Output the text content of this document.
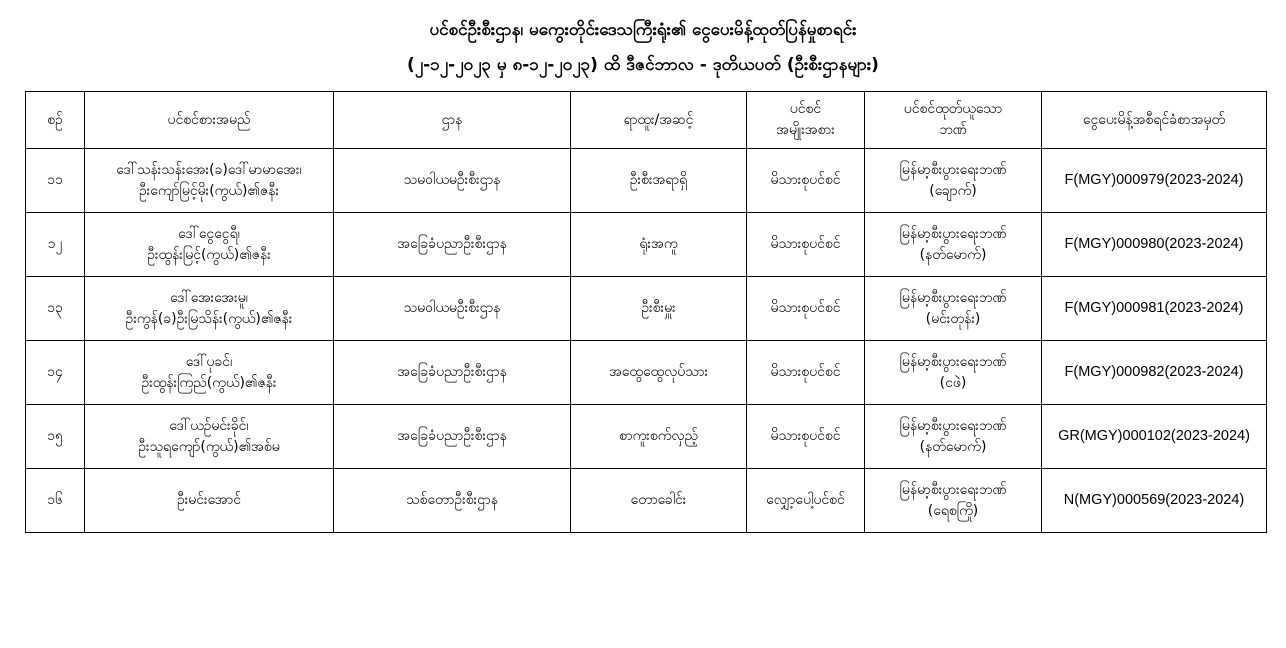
ပင်စင်ဦးစီးဌာန၊ မကွေးတိုင်းဒေသကြီးရုံး၏ ငွေပေးမိန့်ထုတ်ပြန်မှုစာရင်း
(၂-၁၂-၂၀၂၃ မှ ၈-၁၂-၂၀၂၃) ထိ ဒီဇင်ဘာလ - ဒုတိယပတ် (ဦးစီးဌာနများ)
စဉ်	ပင်စင်စားအမည်	ဌာန	ရာထူး/အဆင့်	ပင်စင်
အမျိုးအစား	ပင်စင်ထုတ်ယူသော
ဘဏ်	ငွေပေးမိန့်အစီရင်ခံစာအမှတ်

၁၁	ဒေါ်သန်းသန်းအေး(ခ)ဒေါ်မာမာအေး၊
ဦးကျော်မြင့်မိုး(ကွယ်)၏ဇနီး	သမဝါယမဦးစီးဌာန	ဦးစီးအရာရှိ	မိသားစုပင်စင်	မြန်မာ့စီးပွားရေးဘဏ်
(ချောက်)	F(MGY)000979(2023-2024)
၁၂	ဒေါ်ငွေငွေရီ၊
ဦးထွန်းမြင့်(ကွယ်)၏ဇနီး	အခြေခံပညာဦးစီးဌာန	ရုံးအကူ	မိသားစုပင်စင်	မြန်မာ့စီးပွားရေးဘဏ်
(နတ်မောက်)	F(MGY)000980(2023-2024)
၁၃	ဒေါ်အေးအေးမူ၊
ဦးကွန်(ခ)ဦးမြသိန်း(ကွယ်)၏ဇနီး	သမဝါယမဦးစီးဌာန	ဦးစီးမှူး	မိသားစုပင်စင်	မြန်မာ့စီးပွားရေးဘဏ်
(မင်းတုန်း)	F(MGY)000981(2023-2024)
၁၄	ဒေါ်ပုခင်၊
ဦးထွန်းကြည်(ကွယ်)၏ဇနီး	အခြေခံပညာဦးစီးဌာန	အထွေထွေလုပ်သား	မိသားစုပင်စင်	မြန်မာ့စီးပွားရေးဘဏ်
(ငဖဲ)	F(MGY)000982(2023-2024)
၁၅	ဒေါ်ယဉ်မင်းခိုင်၊
ဦးသူရကျော်(ကွယ်)၏အစ်မ	အခြေခံပညာဦးစီးဌာန	စာကူးစက်လှည့်	မိသားစုပင်စင်	မြန်မာ့စီးပွားရေးဘဏ်
(နတ်မောက်)	GR(MGY)000102(2023-2024)
၁၆	ဦးမင်းအောင်	သစ်တောဦးစီးဌာန	တောခေါင်း	လျှော့ပေါ့ပင်စင်	မြန်မာ့စီးပွားရေးဘဏ်
(ရေစကြို)	N(MGY)000569(2023-2024)
